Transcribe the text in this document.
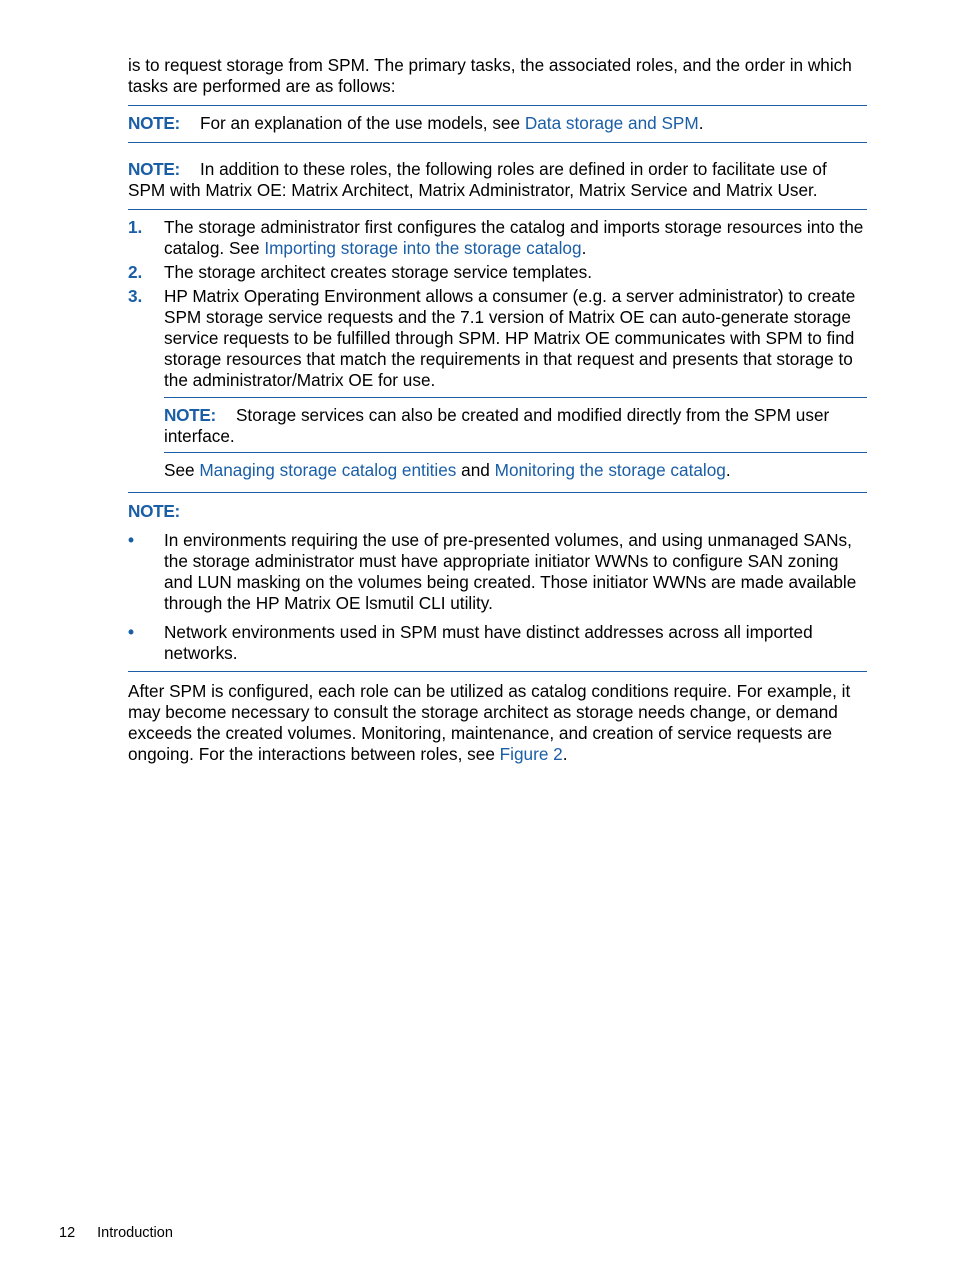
is to request storage from SPM. The primary tasks, the associated roles, and the order in which tasks are performed are as follows:

NOTE: For an explanation of the use models, see Data storage and SPM.
NOTE: In addition to these roles, the following roles are defined in order to facilitate use of SPM with Matrix OE: Matrix Architect, Matrix Administrator, Matrix Service and Matrix User.
1. The storage administrator first configures the catalog and imports storage resources into the catalog. See Importing storage into the storage catalog.
2. The storage architect creates storage service templates.
3. HP Matrix Operating Environment allows a consumer (e.g. a server administrator) to create SPM storage service requests and the 7.1 version of Matrix OE can auto-generate storage service requests to be fulfilled through SPM. HP Matrix OE communicates with SPM to find storage resources that match the requirements in that request and presents that storage to the administrator/Matrix OE for use.
NOTE: Storage services can also be created and modified directly from the SPM user interface.

See Managing storage catalog entities and Monitoring the storage catalog.

NOTE:
• In environments requiring the use of pre-presented volumes, and using unmanaged SANs, the storage administrator must have appropriate initiator WWNs to configure SAN zoning and LUN masking on the volumes being created. Those initiator WWNs are made available through the HP Matrix OE lsmutil CLI utility.
• Network environments used in SPM must have distinct addresses across all imported networks.

After SPM is configured, each role can be utilized as catalog conditions require. For example, it may become necessary to consult the storage architect as storage needs change, or demand exceeds the created volumes. Monitoring, maintenance, and creation of service requests are ongoing. For the interactions between roles, see Figure 2.

12 Introduction
